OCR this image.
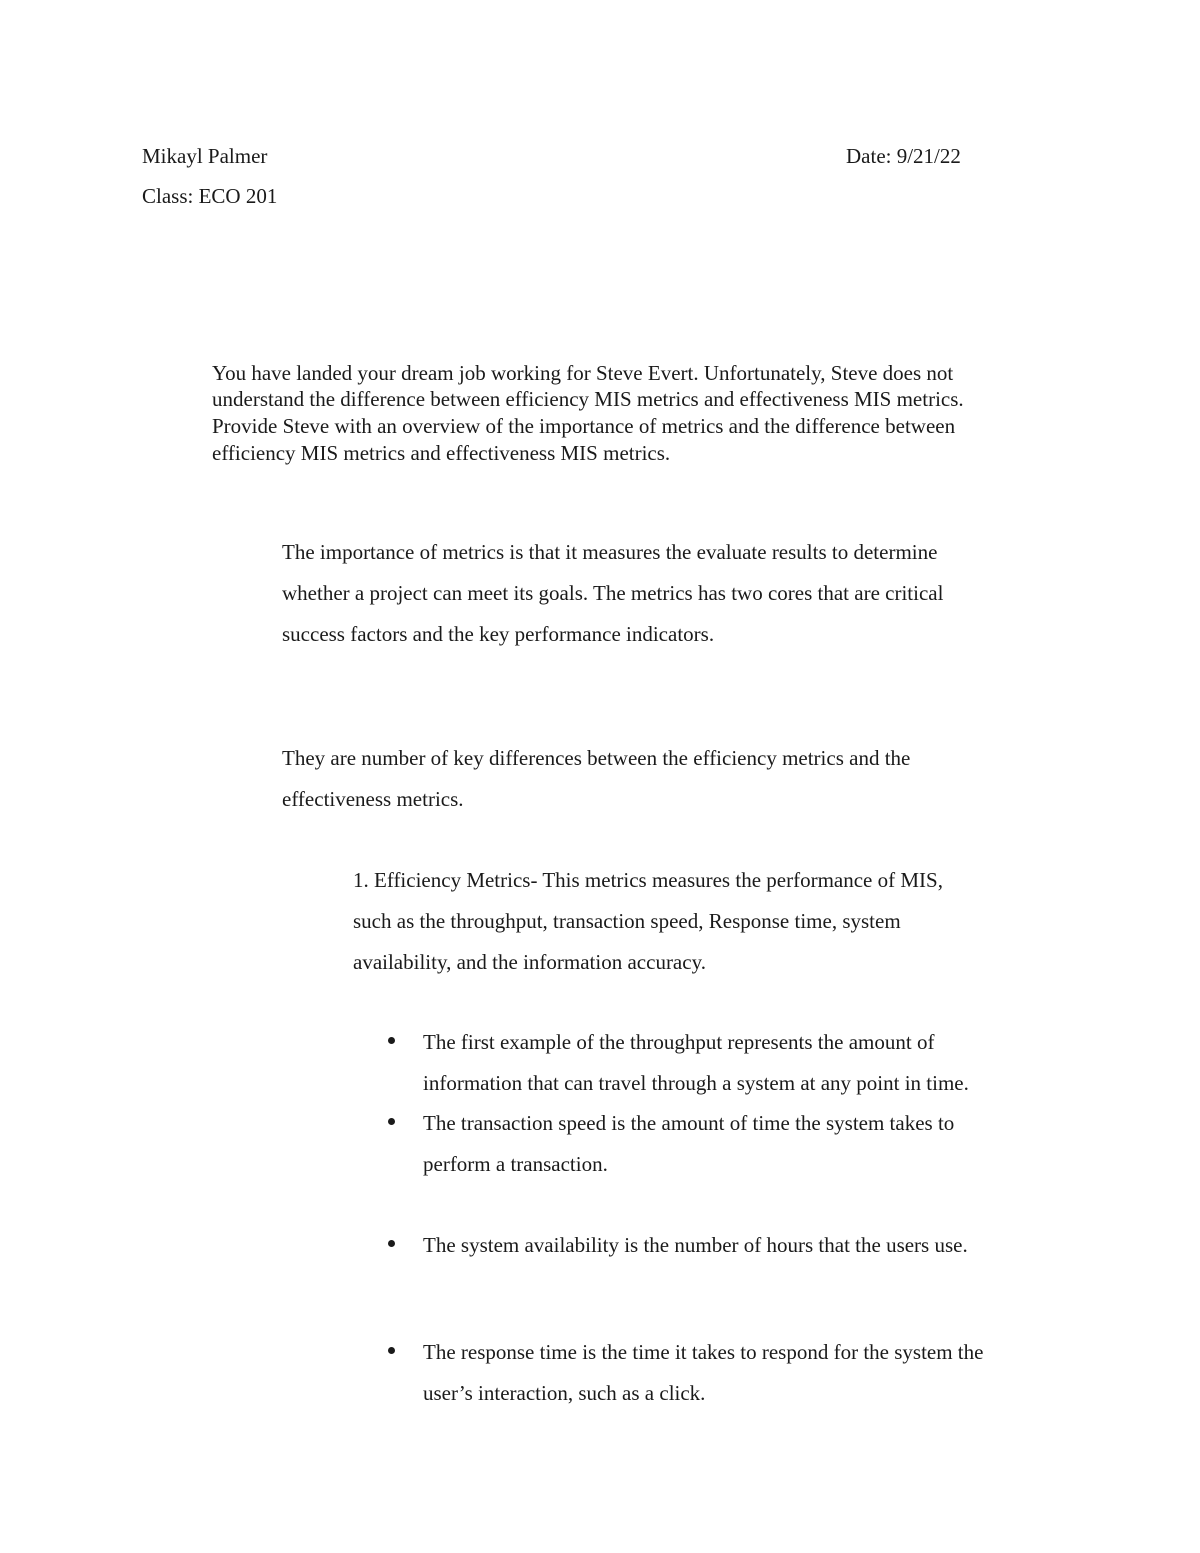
Mikayl Palmer	Date: 9/21/22
Class: ECO 201
You have landed your dream job working for Steve Evert. Unfortunately, Steve does not
understand the difference between efficiency MIS metrics and effectiveness MIS metrics.
Provide Steve with an overview of the importance of metrics and the difference between
efficiency MIS metrics and effectiveness MIS metrics.
The importance of metrics is that it measures the evaluate results to determine
whether a project can meet its goals. The metrics has two cores that are critical
success factors and the key performance indicators.
They are number of key differences between the efficiency metrics and the
effectiveness metrics.
1. Efficiency Metrics- This metrics measures the performance of MIS,
such as the throughput, transaction speed, Response time, system
availability, and the information accuracy.
The first example of the throughput represents the amount of
information that can travel through a system at any point in time.
The transaction speed is the amount of time the system takes to
perform a transaction.
The system availability is the number of hours that the users use.
The response time is the time it takes to respond for the system the
user’s interaction, such as a click.
